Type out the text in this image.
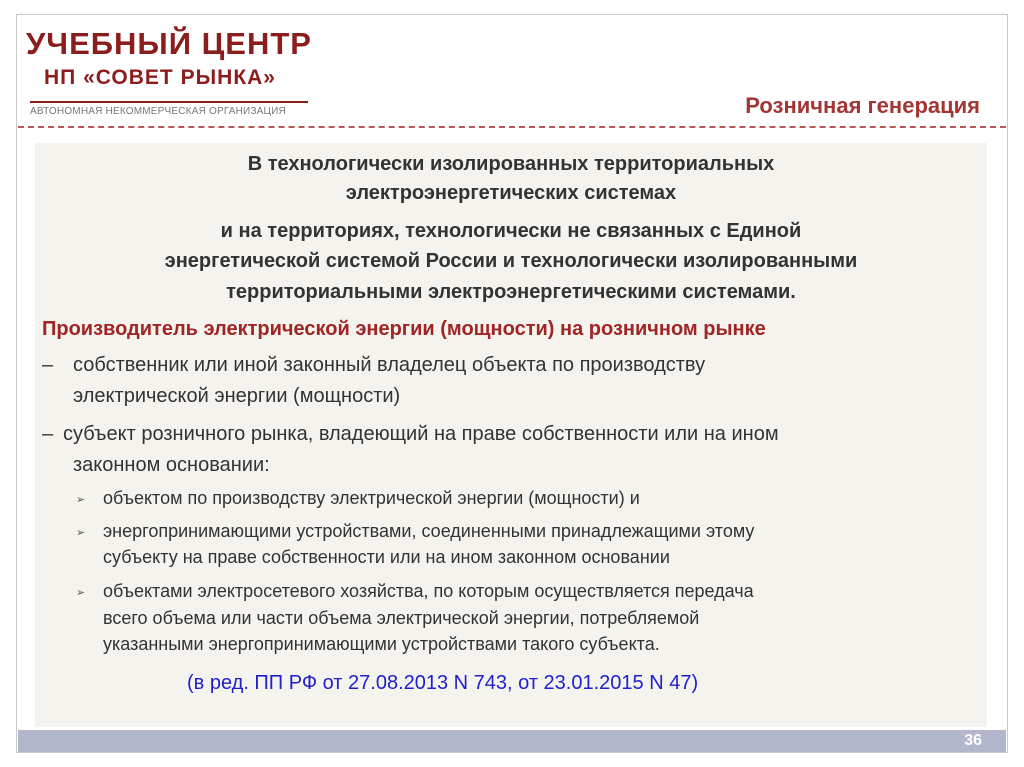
УЧЕБНЫЙ ЦЕНТР
НП «СОВЕТ РЫНКА»
АВТОНОМНАЯ НЕКОММЕРЧЕСКАЯ ОРГАНИЗАЦИЯ	Розничная генерация
В технологически изолированных территориальных
электроэнергетических системах
и на территориях, технологически не связанных с Единой
энергетической системой России и технологически изолированными
территориальными электроэнергетическими системами.
Производитель электрической энергии (мощности) на розничном рынке
– собственник или иной законный владелец объекта по производству
электрической энергии (мощности)
– субъект розничного рынка, владеющий на праве собственности или на ином
законном основании:
➢ объектом по производству электрической энергии (мощности) и
➢ энергопринимающими устройствами, соединенными принадлежащими этому
субъекту на праве собственности или на ином законном основании
➢ объектами электросетевого хозяйства, по которым осуществляется передача
всего объема или части объема электрической энергии, потребляемой
указанными энергопринимающими устройствами такого субъекта.
(в ред. ПП РФ от 27.08.2013 N 743, от 23.01.2015 N 47)
36
